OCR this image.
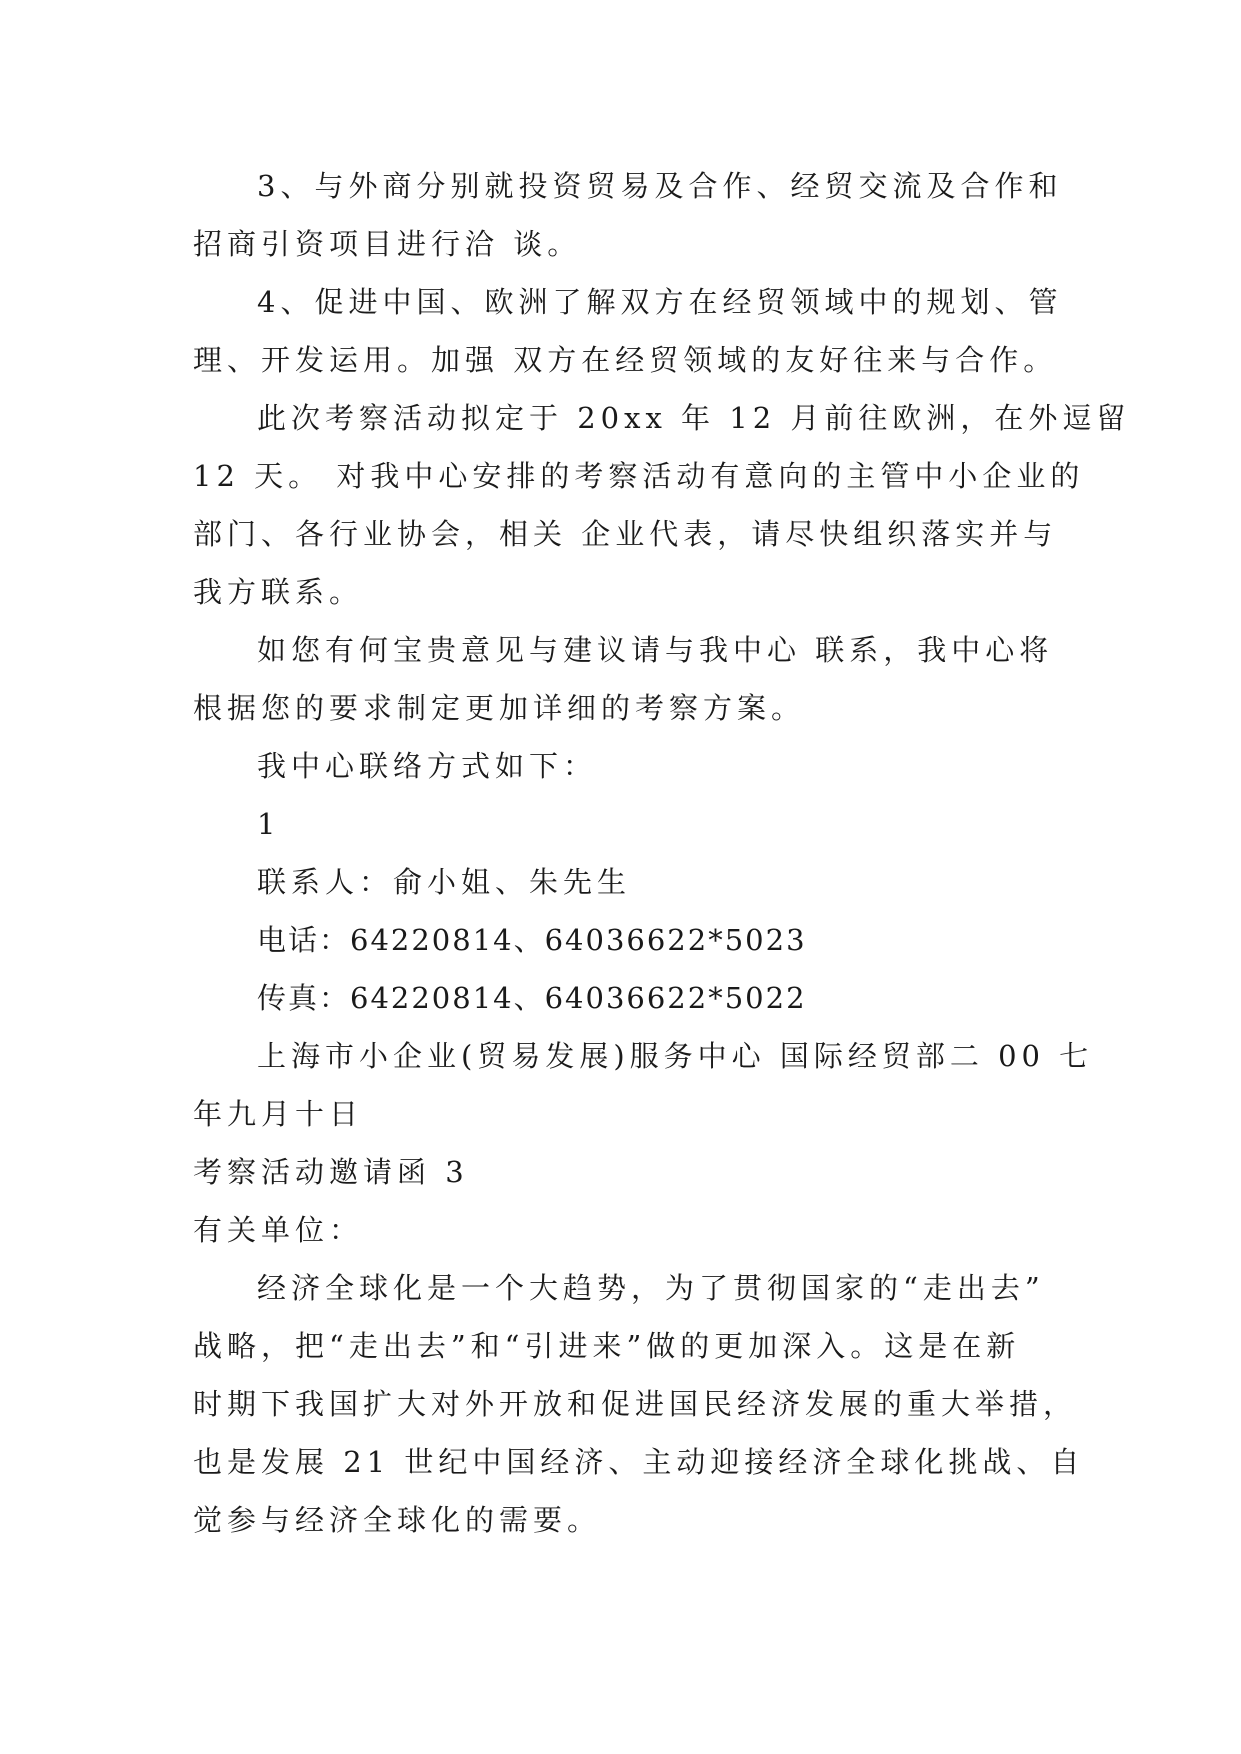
3、与外商分别就投资贸易及合作、经贸交流及合作和

招商引资项目进行洽 谈。

4、促进中国、欧洲了解双方在经贸领域中的规划、管

理、开发运用。加强 双方在经贸领域的友好往来与合作。

此次考察活动拟定于 20xx 年 12 月前往欧洲，在外逗留

12 天。 对我中心安排的考察活动有意向的主管中小企业的

部门、各行业协会，相关 企业代表，请尽快组织落实并与

我方联系。

如您有何宝贵意见与建议请与我中心 联系，我中心将

根据您的要求制定更加详细的考察方案。

我中心联络方式如下：

1

联系人：俞小姐、朱先生

电话：64220814、64036622*5023

传真：64220814、64036622*5022

上海市小企业(贸易发展)服务中心 国际经贸部二 00 七

年九月十日

考察活动邀请函 3

有关单位：

经济全球化是一个大趋势，为了贯彻国家的“走出去”

战略，把“走出去”和“引进来”做的更加深入。这是在新

时期下我国扩大对外开放和促进国民经济发展的重大举措，

也是发展 21 世纪中国经济、主动迎接经济全球化挑战、自

觉参与经济全球化的需要。
